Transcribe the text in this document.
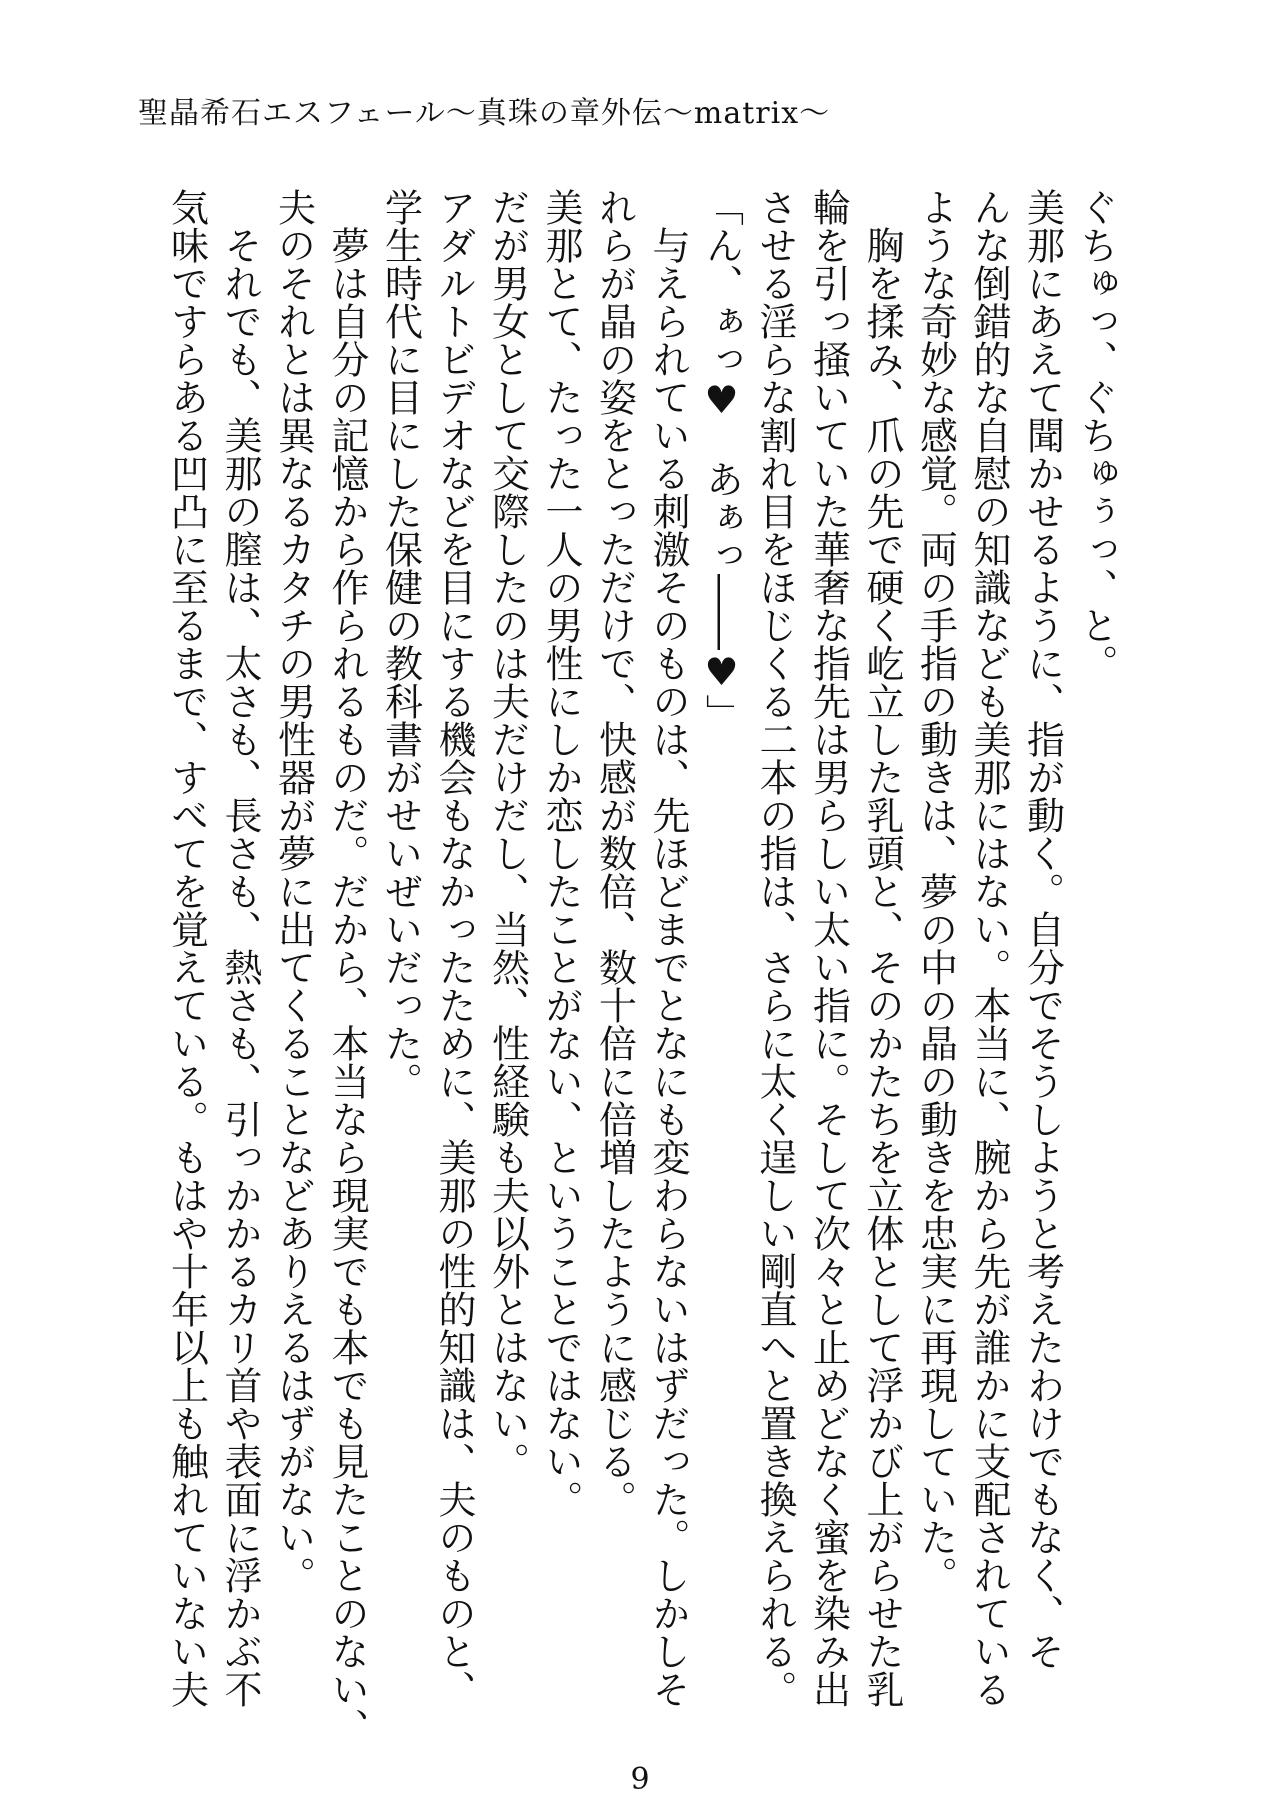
聖晶希石エスフェール～真珠の章外伝～matrix～

ぐちゅっ、ぐちゅぅっ、と。

美那にあえて聞かせるように、指が動く。自分でそうしようと考えたわけでもなく、そ

んな倒錯的な自慰の知識なども美那にはない。本当に、腕から先が誰かに支配されている

ような奇妙な感覚。両の手指の動きは、夢の中の晶の動きを忠実に再現していた。

　胸を揉み、爪の先で硬く屹立した乳頭と、そのかたちを立体として浮かび上がらせた乳

輪を引っ掻いていた華奢な指先は男らしい太い指に。そして次々と止めどなく蜜を染み出

させる淫らな割れ目をほじくる二本の指は、さらに太く逞しい剛直へと置き換えられる。

「ん、ぁっ♥　あぁっ――♥」

　与えられている刺激そのものは、先ほどまでとなにも変わらないはずだった。しかしそ

れらが晶の姿をとっただけで、快感が数倍、数十倍に倍増したように感じる。

美那とて、たった一人の男性にしか恋したことがない、ということではない。

だが男女として交際したのは夫だけだし、当然、性経験も夫以外とはない。

アダルトビデオなどを目にする機会もなかったために、美那の性的知識は、夫のものと、

学生時代に目にした保健の教科書がせいぜいだった。

　夢は自分の記憶から作られるものだ。だから、本当なら現実でも本でも見たことのない、

夫のそれとは異なるカタチの男性器が夢に出てくることなどありえるはずがない。

　それでも、美那の膣は、太さも、長さも、熱さも、引っかかるカリ首や表面に浮かぶ不

気味ですらある凹凸に至るまで、すべてを覚えている。もはや十年以上も触れていない夫

9
